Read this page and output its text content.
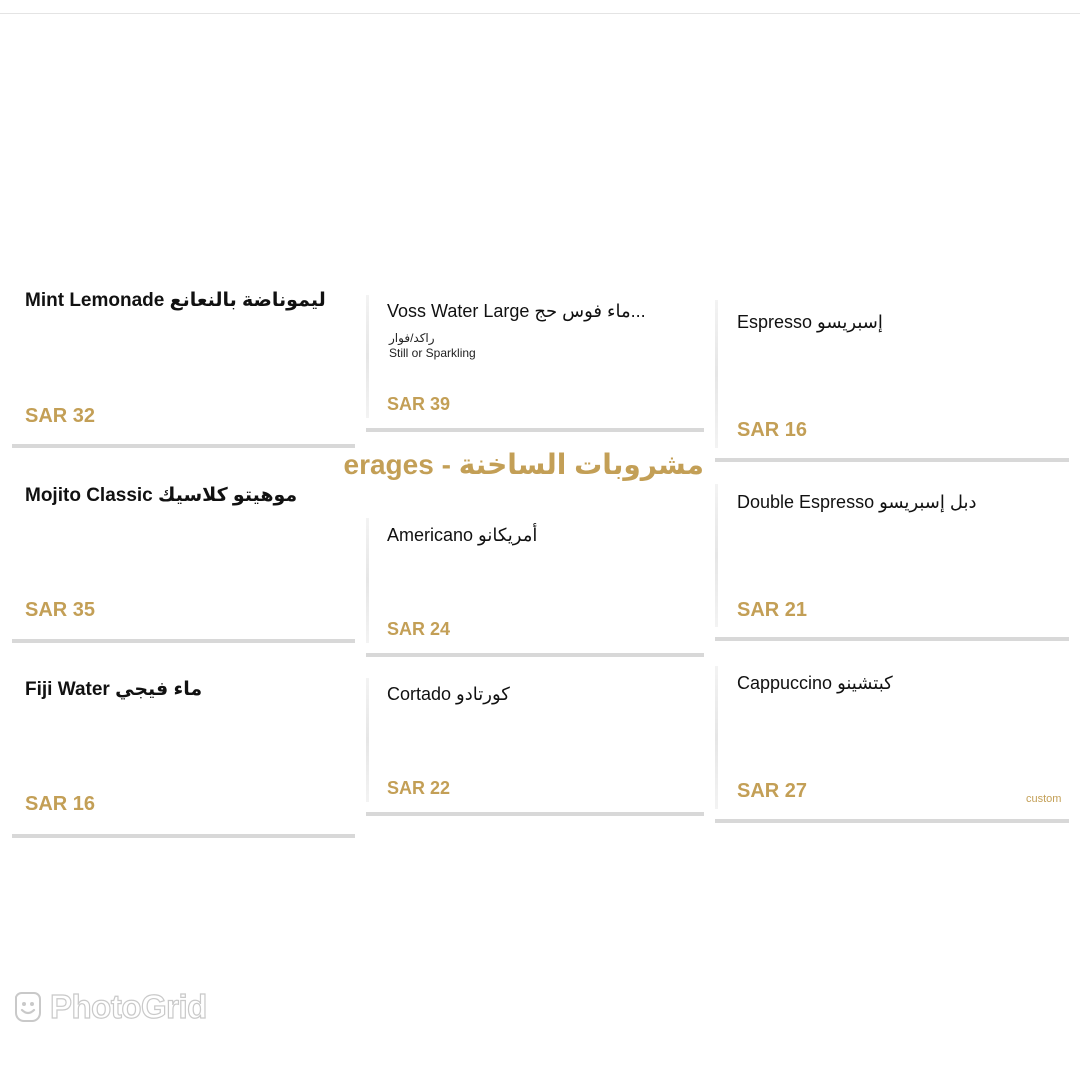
Mint Lemonade ليموناضة بالنعانع
SAR 32
Mojito Classic موهيتو كلاسيك
SAR 35
Fiji Water ماء فيجي
SAR 16
Voss Water Large ماء فوس حج...
راكد/فوار
Still or Sparkling
SAR 39
erages - مشروبات الساخنة
Americano أمريكانو
SAR 24
Cortado كورتادو
SAR 22
Espresso إسبريسو
SAR 16
Double Espresso دبل إسبريسو
SAR 21
Cappuccino كبتشينو
SAR 27	custom
PhotoGrid
